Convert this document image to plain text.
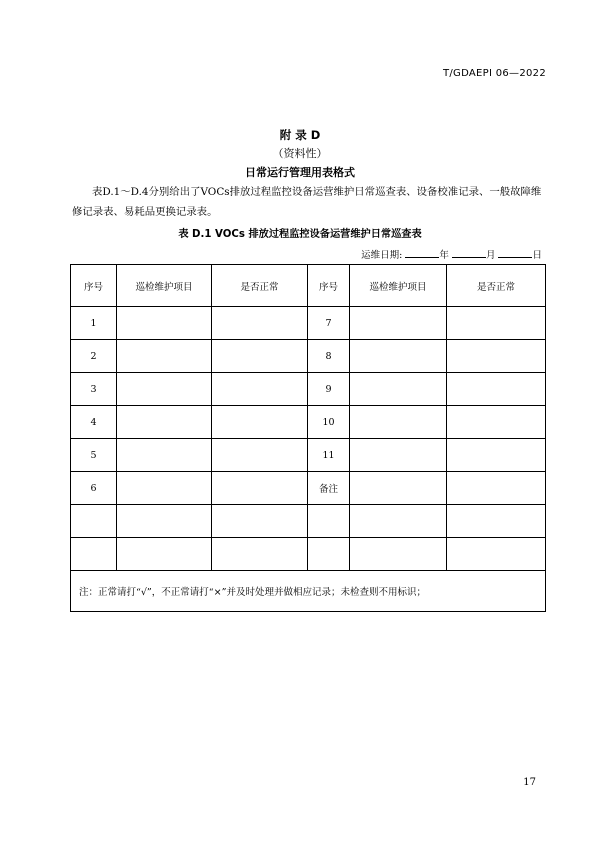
T/GDAEPI 06—2022
附 录 D
（资料性）
日常运行管理用表格式
表D.1～D.4分别给出了VOCs排放过程监控设备运营维护日常巡查表、设备校准记录、一般故障维修记录表、易耗品更换记录表。
表 D.1 VOCs 排放过程监控设备运营维护日常巡查表
运维日期:	年	月	日
序号	巡检维护项目	是否正常	序号	巡检维护项目	是否正常
1			7		
2			8		
3			9		
4			10		
5			11		
6			备注		

注：正常请打“√”，不正常请打“×”并及时处理并做相应记录；未检查则不用标识；					
17
